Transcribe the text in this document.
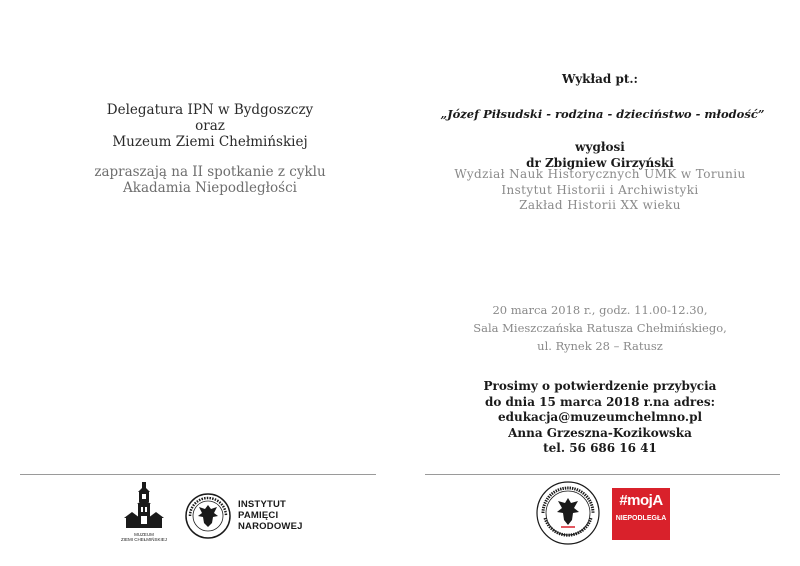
Delegatura IPN w Bydgoszczy
oraz
Muzeum Ziemi Chełmińskiej
zapraszają na II spotkanie z cyklu
Akadamia Niepodległości
Wykład pt.:
„Józef Piłsudski - rodzina - dzieciństwo - młodość”
wygłosi
dr Zbigniew Girzyński
Wydział Nauk Historycznych UMK w Toruniu
Instytut Historii i Archiwistyki
Zakład Historii XX wieku
20 marca 2018 r., godz. 11.00-12.30,
Sala Mieszczańska Ratusza Chełmińskiego,
ul. Rynek 28 – Ratusz
Prosimy o potwierdzenie przybycia
do dnia 15 marca 2018 r.na adres:
edukacja@muzeumchelmno.pl
Anna Grzeszna-Kozikowska
tel. 56 686 16 41
MUZEUM
ZIEMI CHEŁMIŃSKIEJ
INSTYTUT
PAMIĘCI
NARODOWEJ
#mojA
NIEPODLEGŁA
